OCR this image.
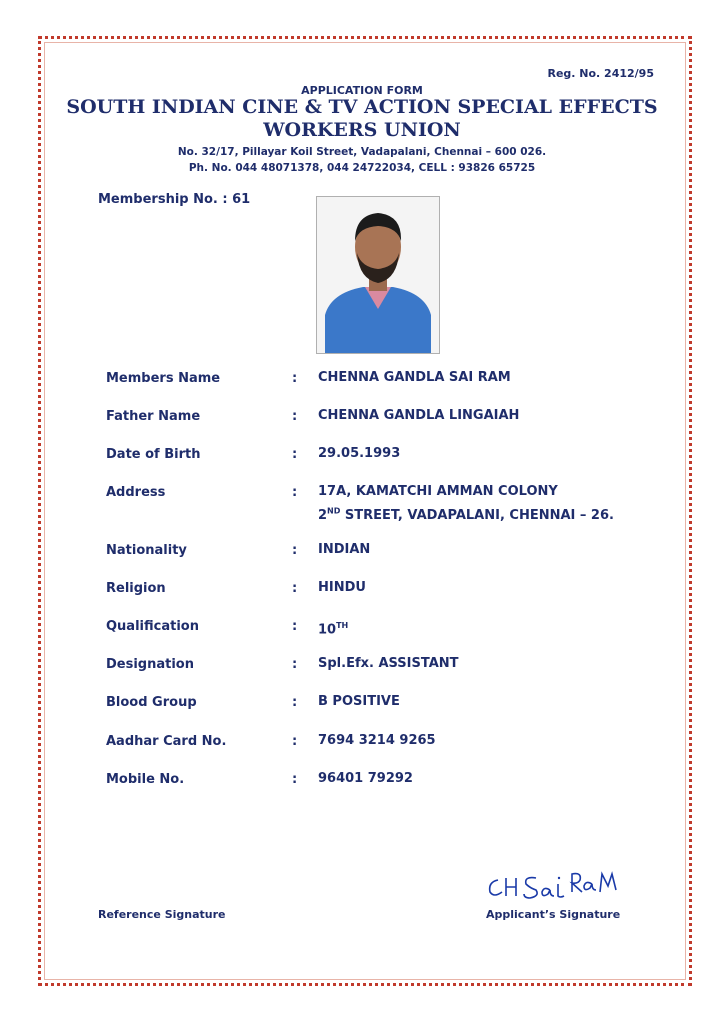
Reg. No. 2412/95
APPLICATION FORM
SOUTH INDIAN CINE & TV ACTION SPECIAL EFFECTS
WORKERS UNION
No. 32/17, Pillayar Koil Street, Vadapalani, Chennai – 600 026.
Ph. No. 044 48071378, 044 24722034, CELL : 93826 65725
Membership No. : 61
Members Name	: CHENNA GANDLA SAI RAM
Father Name	: CHENNA GANDLA LINGAIAH
Date of Birth	: 29.05.1993
Address	: 17A, KAMATCHI AMMAN COLONY
2ND STREET, VADAPALANI, CHENNAI – 26.
Nationality	: INDIAN
Religion	: HINDU
Qualification	: 10TH
Designation	: Spl.Efx. ASSISTANT
Blood Group	: B POSITIVE
Aadhar Card No.	: 7694 3214 9265
Mobile No.	: 96401 79292
Reference Signature	Applicant’s Signature
